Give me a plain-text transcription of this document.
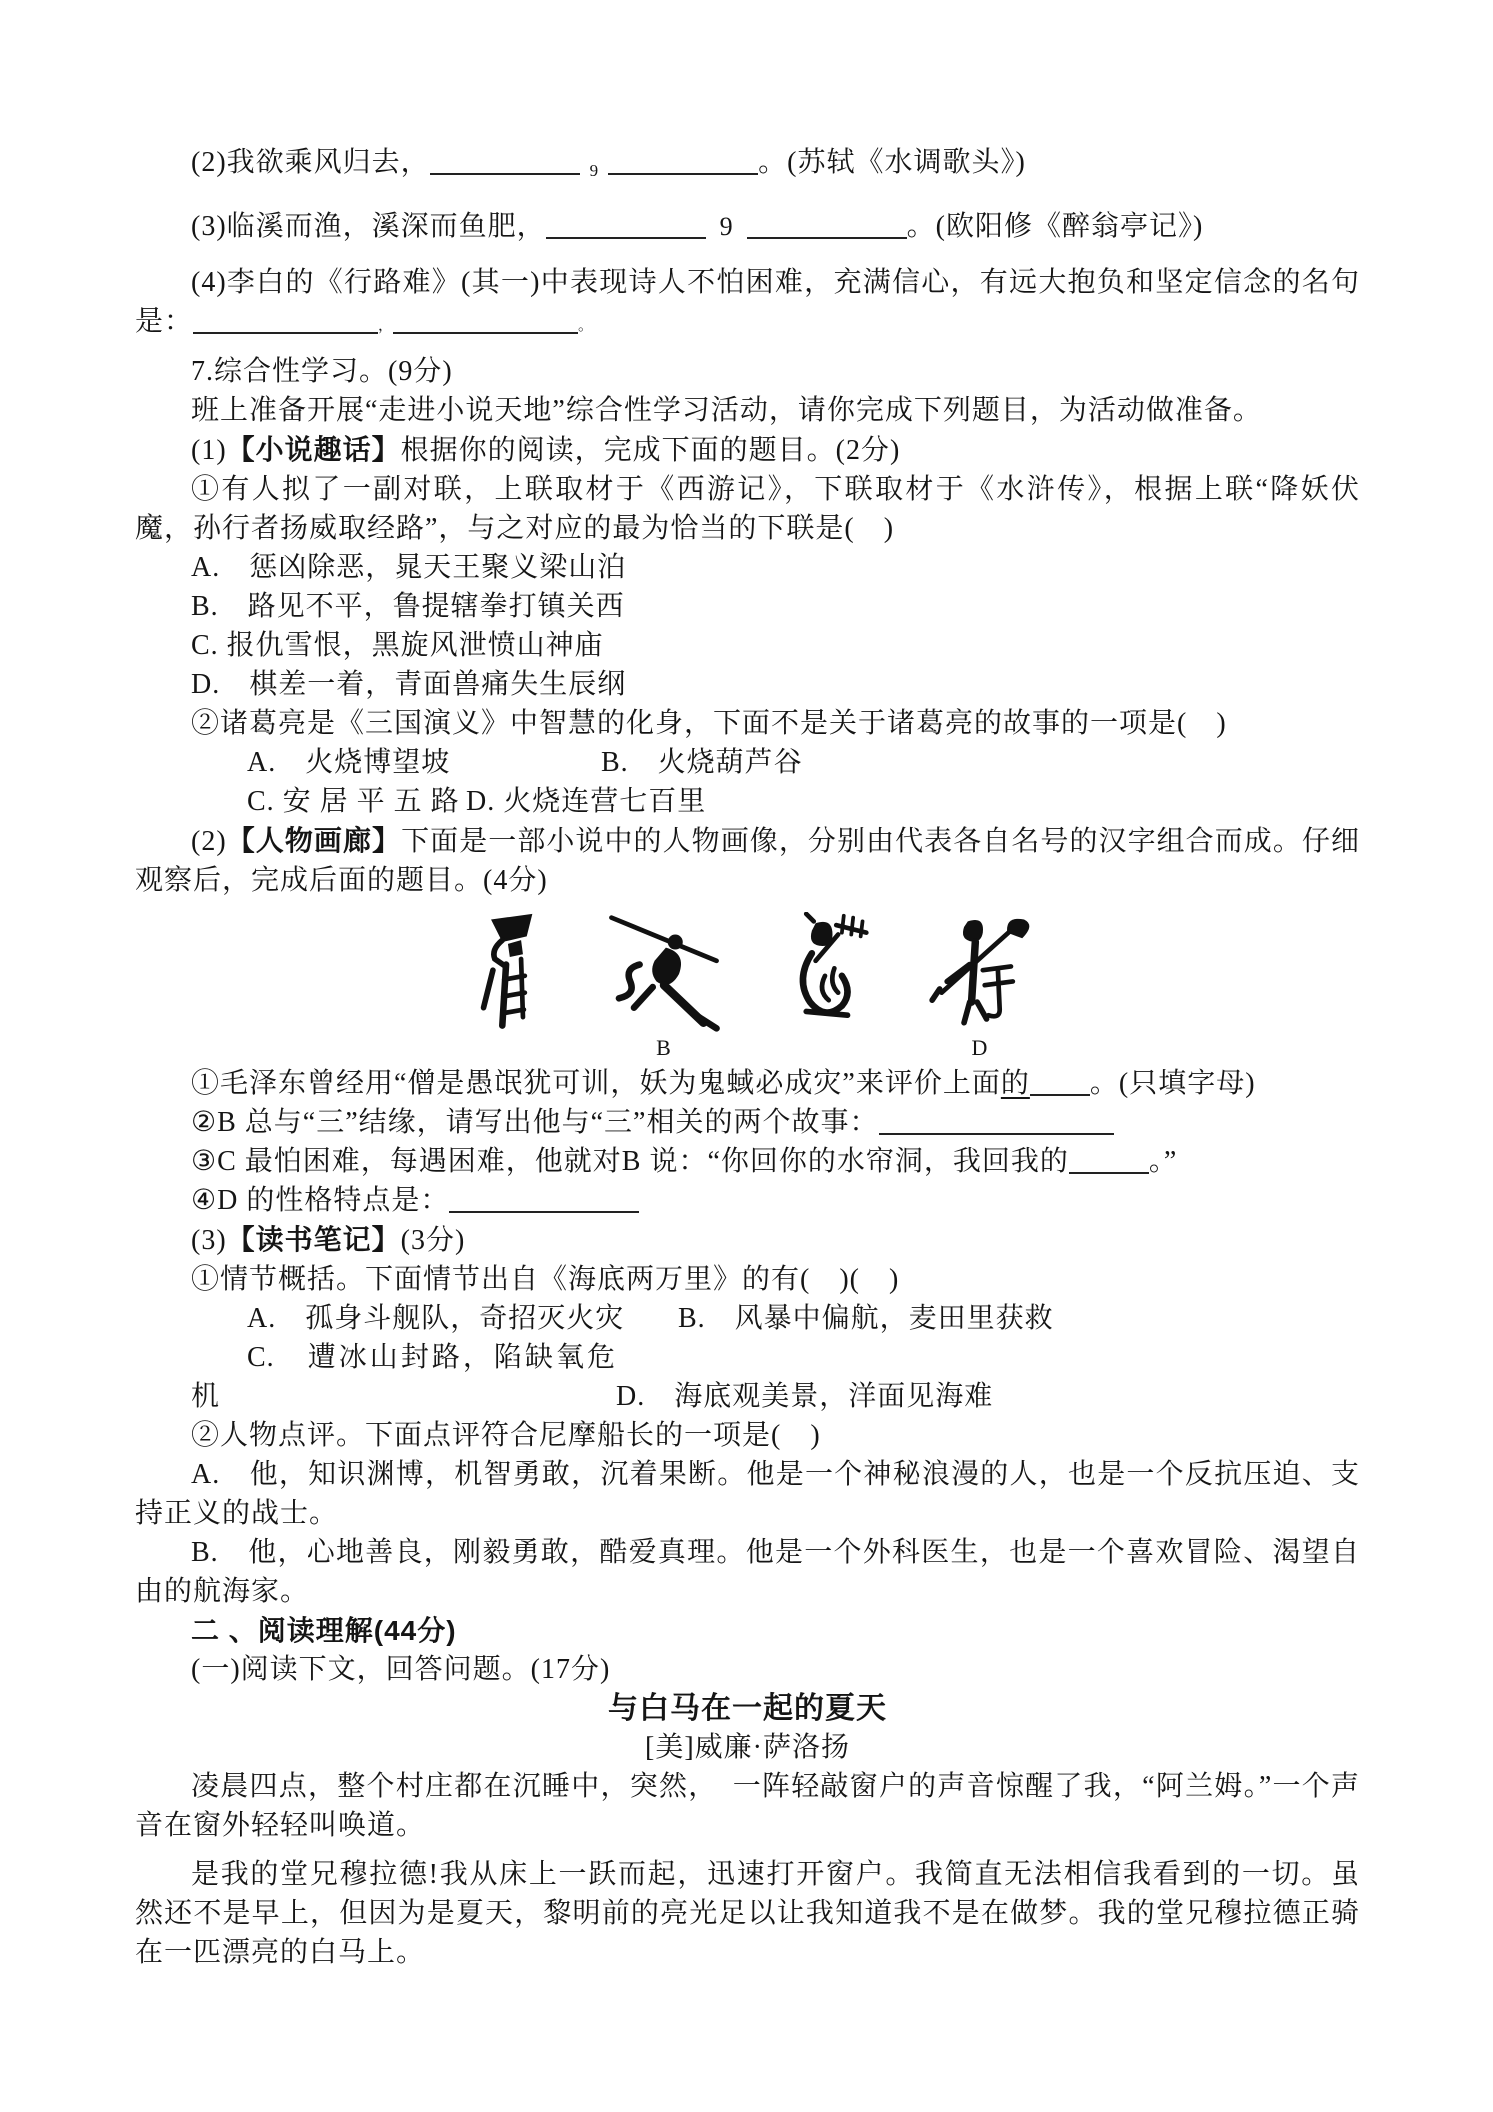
(2)我欲乘风归去，	9	。(苏轼《水调歌头》)

(3)临溪而渔，溪深而鱼肥，	9	。(欧阳修《醉翁亭记》)

(4)李白的《行路难》(其一)中表现诗人不怕困难，充满信心，有远大抱负和坚定信念的名句是：	，	。

7.综合性学习。(9分)

班上准备开展“走进小说天地”综合性学习活动，请你完成下列题目，为活动做准备。

(1)【小说趣话】根据你的阅读，完成下面的题目。(2分)

①有人拟了一副对联，上联取材于《西游记》，下联取材于《水浒传》，根据上联“降妖伏魔，孙行者扬威取经路”，与之对应的最为恰当的下联是(　)

A.　惩凶除恶，晁天王聚义梁山泊

B.　路见不平，鲁提辖拳打镇关西

C. 报仇雪恨，黑旋风泄愤山神庙

D.　棋差一着，青面兽痛失生辰纲

②诸葛亮是《三国演义》中智慧的化身，下面不是关于诸葛亮的故事的一项是(　)

A.　火烧博望坡	B.　火烧葫芦谷

C. 安 居 平 五 路 D. 火烧连营七百里

(2)【人物画廊】下面是一部小说中的人物画像，分别由代表各自名号的汉字组合而成。仔细观察后，完成后面的题目。(4分)

B	D

①毛泽东曾经用“僧是愚氓犹可训，妖为鬼蜮必成灾”来评价上面的 。(只填字母)

②B 总与“三”结缘，请写出他与“三”相关的两个故事：

③C 最怕困难，每遇困难，他就对B 说：“你回你的水帘洞，我回我的	。”

④D 的性格特点是：

(3)【读书笔记】(3分)

①情节概括。下面情节出自《海底两万里》的有(　)(　)

A.　孤身斗舰队，奇招灭火灾 B.　风暴中偏航，麦田里获救

C.　遭冰山封路，陷缺氧危机	D.　海底观美景，洋面见海难

②人物点评。下面点评符合尼摩船长的一项是(　)

A.　他，知识渊博，机智勇敢，沉着果断。他是一个神秘浪漫的人，也是一个反抗压迫、支持正义的战士。

B.　他，心地善良，刚毅勇敢，酷爱真理。他是一个外科医生，也是一个喜欢冒险、渴望自由的航海家。

二 、阅读理解(44分)

(一)阅读下文，回答问题。(17分)

与白马在一起的夏天

[美]威廉·萨洛扬

凌晨四点，整个村庄都在沉睡中，突然，　一阵轻敲窗户的声音惊醒了我，“阿兰姆。”一个声音在窗外轻轻叫唤道。

是我的堂兄穆拉德!我从床上一跃而起，迅速打开窗户。我简直无法相信我看到的一切。虽然还不是早上，但因为是夏天，黎明前的亮光足以让我知道我不是在做梦。我的堂兄穆拉德正骑在一匹漂亮的白马上。
